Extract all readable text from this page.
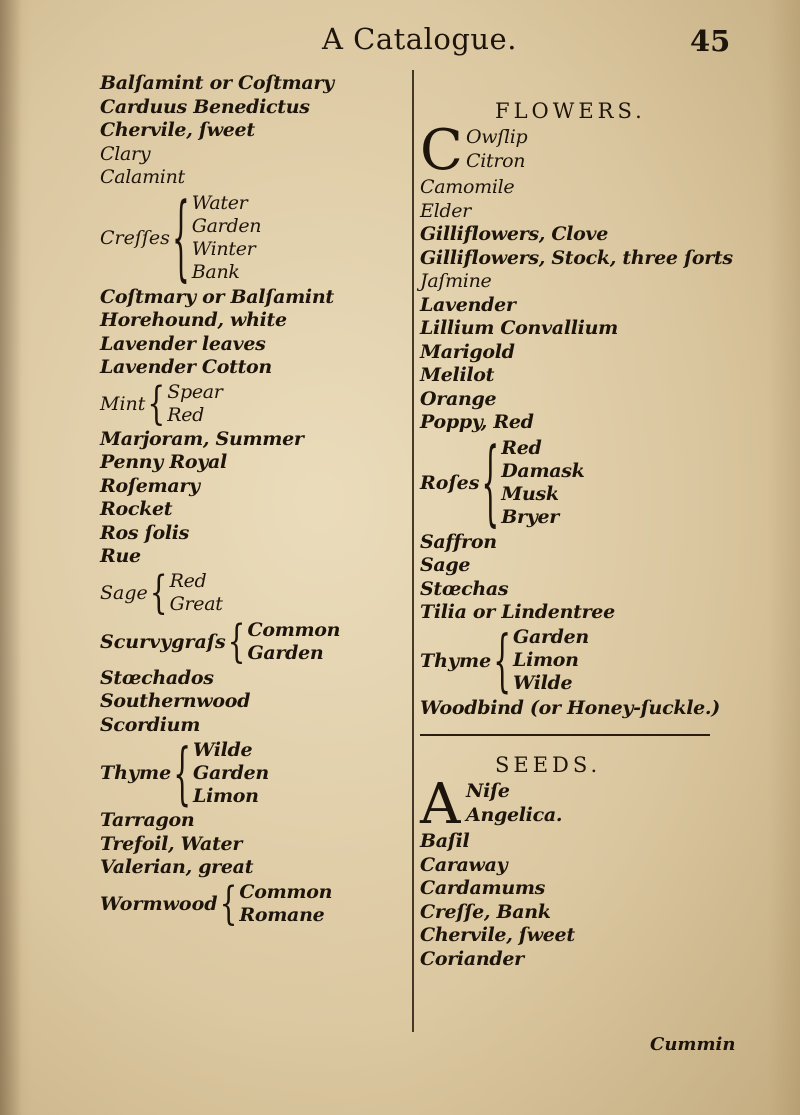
A Catalogue.	45
Balſamint or Coſtmary
Carduus Benedictus
Chervile, ſweet
Clary
Calamint
Creſſes { Water
Garden
Winter
Bank
Coſtmary or Balſamint
Horehound, white
Lavender leaves
Lavender Cotton
Mint { Spear
Red
Marjoram, Summer
Penny Royal
Roſemary
Rocket
Ros ſolis
Rue
Sage { Red
Great
Scurvygraſs { Common
Garden
Stœchados
Southernwood
Scordium
Thyme { Wilde
Garden
Limon
Tarragon
Trefoil, Water
Valerian, great
Wormwood { Common
Romane
FLOWERS.
C Owſlip
Citron
Camomile
Elder
Gilliflowers, Clove
Gilliflowers, Stock, three ſorts
Jaſmine
Lavender
Lillium Convallium
Marigold
Melilot
Orange
Poppy, Red
Roſes { Red
Damask
Musk
Bryer
Saffron
Sage
Stœchas
Tilia or Lindentree
Thyme { Garden
Limon
Wilde
Woodbind (or Honey-ſuckle.)
SEEDS.
A Niſe
Angelica.
Baſil
Caraway
Cardamums
Creſſe, Bank
Chervile, ſweet
Coriander
Cummin
